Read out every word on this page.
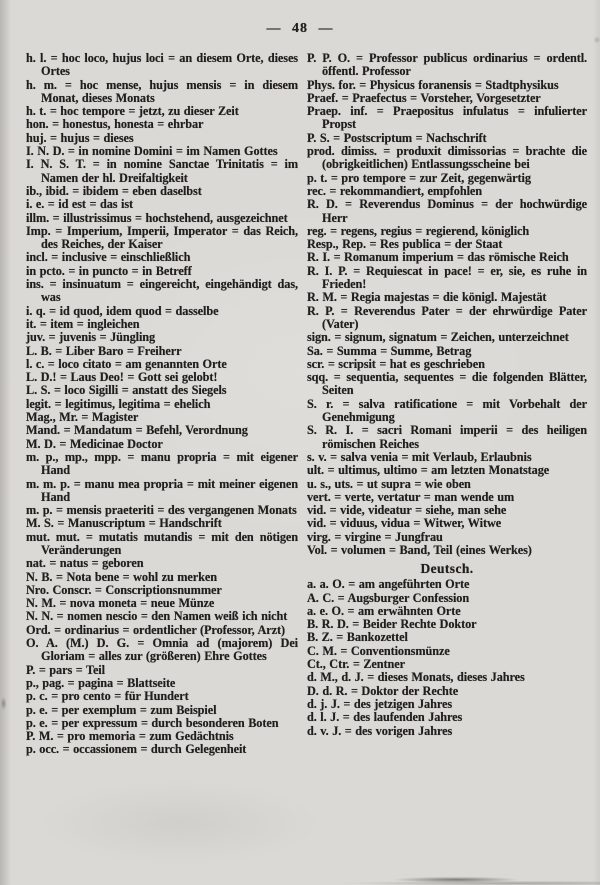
— 48 —

h. l. = hoc loco, hujus loci = an diesem Orte, dieses Ortes

h. m. = hoc mense, hujus mensis = in diesem Monat, dieses Monats

h. t. = hoc tempore = jetzt, zu dieser Zeit

hon. = honestus, honesta = ehrbar

huj. = hujus = dieses

I. N. D. = in nomine Domini = im Namen Gottes

I. N. S. T. = in nomine Sanctae Trinitatis = im Namen der hl. Dreifaltigkeit

ib., ibid. = ibidem = eben daselbst

i. e. = id est = das ist

illm. = illustrissimus = hochstehend, ausgezeichnet

Imp. = Imperium, Imperii, Imperator = das Reich, des Reiches, der Kaiser

incl. = inclusive = einschließlich

in pcto. = in puncto = in Betreff

ins. = insinuatum = eingereicht, eingehändigt das, was

i. q. = id quod, idem quod = dasselbe

it. = item = ingleichen

juv. = juvenis = Jüngling

L. B. = Liber Baro = Freiherr

l. c. = loco citato = am genannten Orte

L. D.! = Laus Deo! = Gott sei gelobt!

L. S. = loco Sigilli = anstatt des Siegels

legit. = legitimus, legitima = ehelich

Mag., Mr. = Magister

Mand. = Mandatum = Befehl, Verordnung

M. D. = Medicinae Doctor

m. p., mp., mpp. = manu propria = mit eigener Hand

m. m. p. = manu mea propria = mit meiner eigenen Hand

m. p. = mensis praeteriti = des vergangenen Monats

M. S. = Manuscriptum = Handschrift

mut. mut. = mutatis mutandis = mit den nötigen Veränderungen

nat. = natus = geboren

N. B. = Nota bene = wohl zu merken

Nro. Conscr. = Conscriptionsnummer

N. M. = nova moneta = neue Münze

N. N. = nomen nescio = den Namen weiß ich nicht

Ord. = ordinarius = ordentlicher (Professor, Arzt)

O. A. (M.) D. G. = Omnia ad (majorem) Dei Gloriam = alles zur (größeren) Ehre Gottes

P. = pars = Teil

p., pag. = pagina = Blattseite

p. c. = pro cento = für Hundert

p. e. = per exemplum = zum Beispiel

p. e. = per expressum = durch besonderen Boten

P. M. = pro memoria = zum Gedächtnis

p. occ. = occassionem = durch Gelegenheit

P. P. O. = Professor publicus ordinarius = ordentl. öffentl. Professor

Phys. for. = Physicus foranensis = Stadtphysikus

Praef. = Praefectus = Vorsteher, Vorgesetzter

Praep. inf. = Praepositus infulatus = infulierter Propst

P. S. = Postscriptum = Nachschrift

prod. dimiss. = produxit dimissorias = brachte die (obrigkeitlichen) Entlassungsscheine bei

p. t. = pro tempore = zur Zeit, gegenwärtig

rec. = rekommandiert, empfohlen

R. D. = Reverendus Dominus = der hochwürdige Herr

reg. = regens, regius = regierend, königlich

Resp., Rep. = Res publica = der Staat

R. I. = Romanum imperium = das römische Reich

R. I. P. = Requiescat in pace! = er, sie, es ruhe in Frieden!

R. M. = Regia majestas = die königl. Majestät

R. P. = Reverendus Pater = der ehrwürdige Pater (Vater)

sign. = signum, signatum = Zeichen, unterzeichnet

Sa. = Summa = Summe, Betrag

scr. = scripsit = hat es geschrieben

sqq. = sequentia, sequentes = die folgenden Blätter, Seiten

S. r. = salva ratificatione = mit Vorbehalt der Genehmigung

S. R. I. = sacri Romani imperii = des heiligen römischen Reiches

s. v. = salva venia = mit Verlaub, Erlaubnis

ult. = ultimus, ultimo = am letzten Monatstage

u. s., uts. = ut supra = wie oben

vert. = verte, vertatur = man wende um

vid. = vide, videatur = siehe, man sehe

vid. = viduus, vidua = Witwer, Witwe

virg. = virgine = Jungfrau

Vol. = volumen = Band, Teil (eines Werkes)

Deutsch.

a. a. O. = am angeführten Orte

A. C. = Augsburger Confession

a. e. O. = am erwähnten Orte

B. R. D. = Beider Rechte Doktor

B. Z. = Bankozettel

C. M. = Conventionsmünze

Ct., Ctr. = Zentner

d. M., d. J. = dieses Monats, dieses Jahres

D. d. R. = Doktor der Rechte

d. j. J. = des jetzigen Jahres

d. l. J. = des laufenden Jahres

d. v. J. = des vorigen Jahres
